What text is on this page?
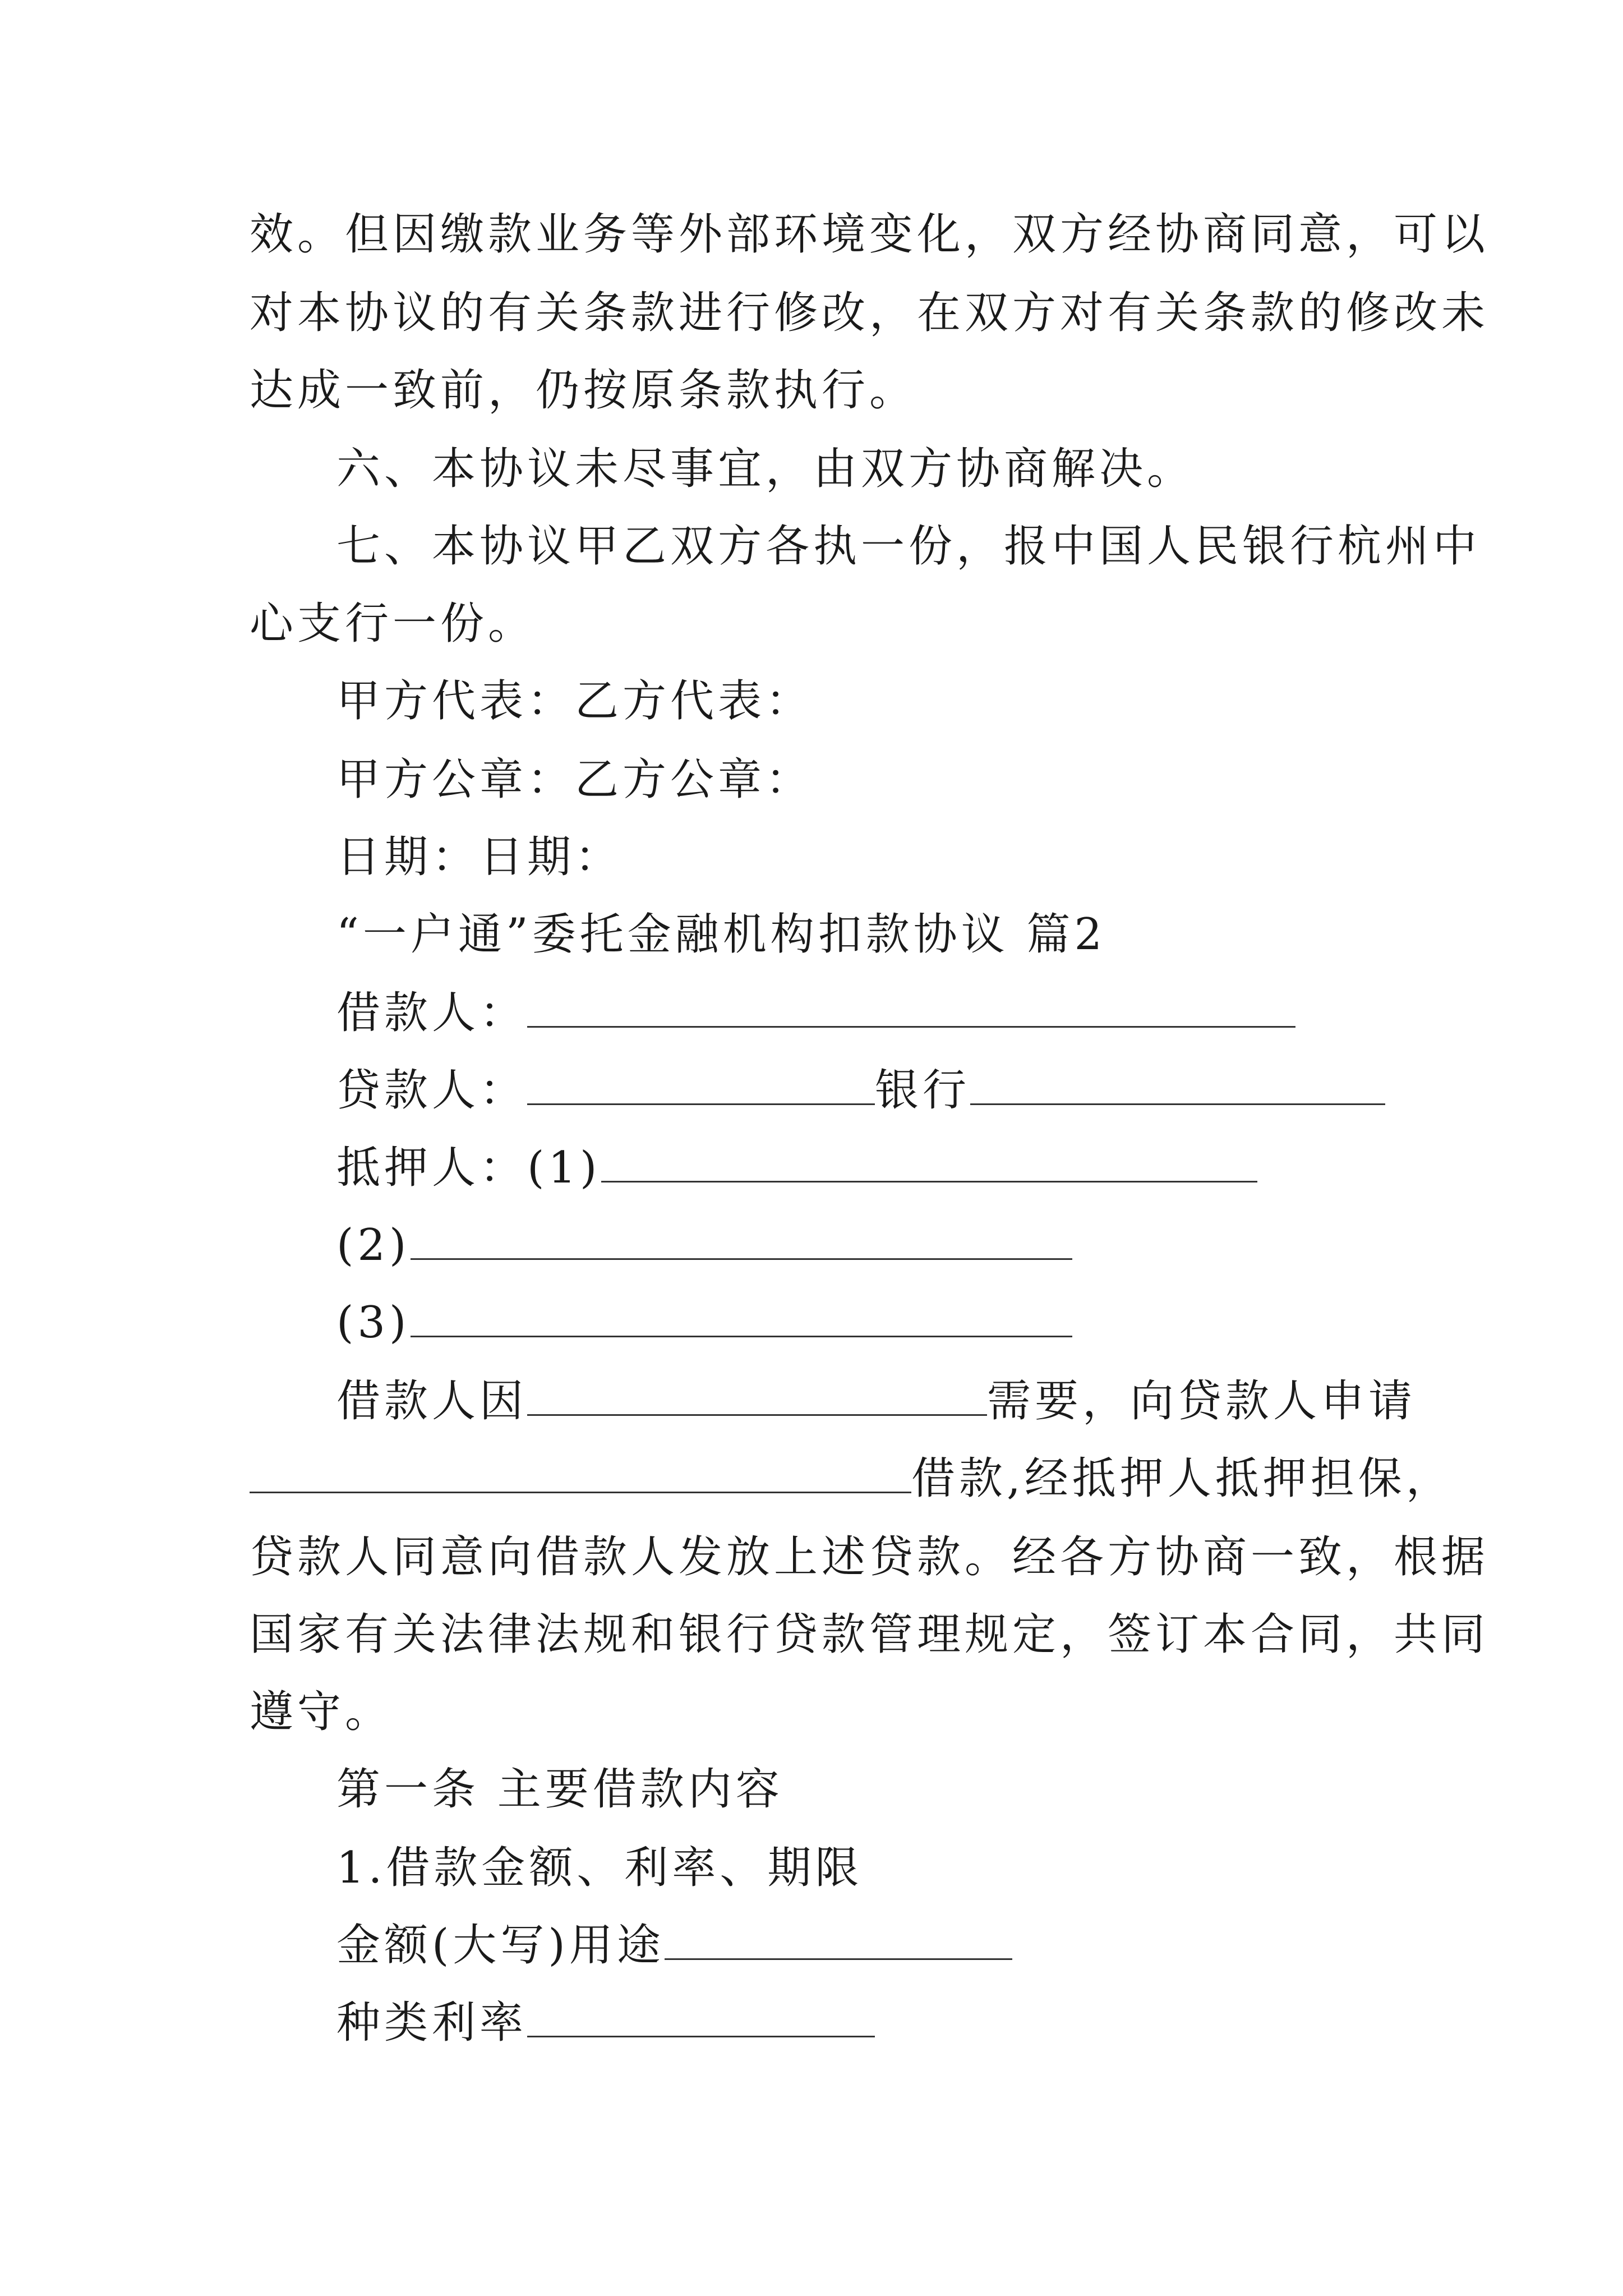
效。但因缴款业务等外部环境变化，双方经协商同意，可以
对本协议的有关条款进行修改，在双方对有关条款的修改未
达成一致前，仍按原条款执行。
六、本协议未尽事宜，由双方协商解决。
七、本协议甲乙双方各执一份，报中国人民银行杭州中
心支行一份。
甲方代表：乙方代表：
甲方公章：乙方公章：
日期：日期：
“一户通”委托金融机构扣款协议 篇2
借款人：
贷款人：	银行
抵押人：(1)
(2)
(3)
借款人因	需要，向贷款人申请
借款,经抵押人抵押担保，
贷款人同意向借款人发放上述贷款。经各方协商一致，根据
国家有关法律法规和银行贷款管理规定，签订本合同，共同
遵守。
第一条 主要借款内容
1.借款金额、利率、期限
金额(大写)用途
种类利率
